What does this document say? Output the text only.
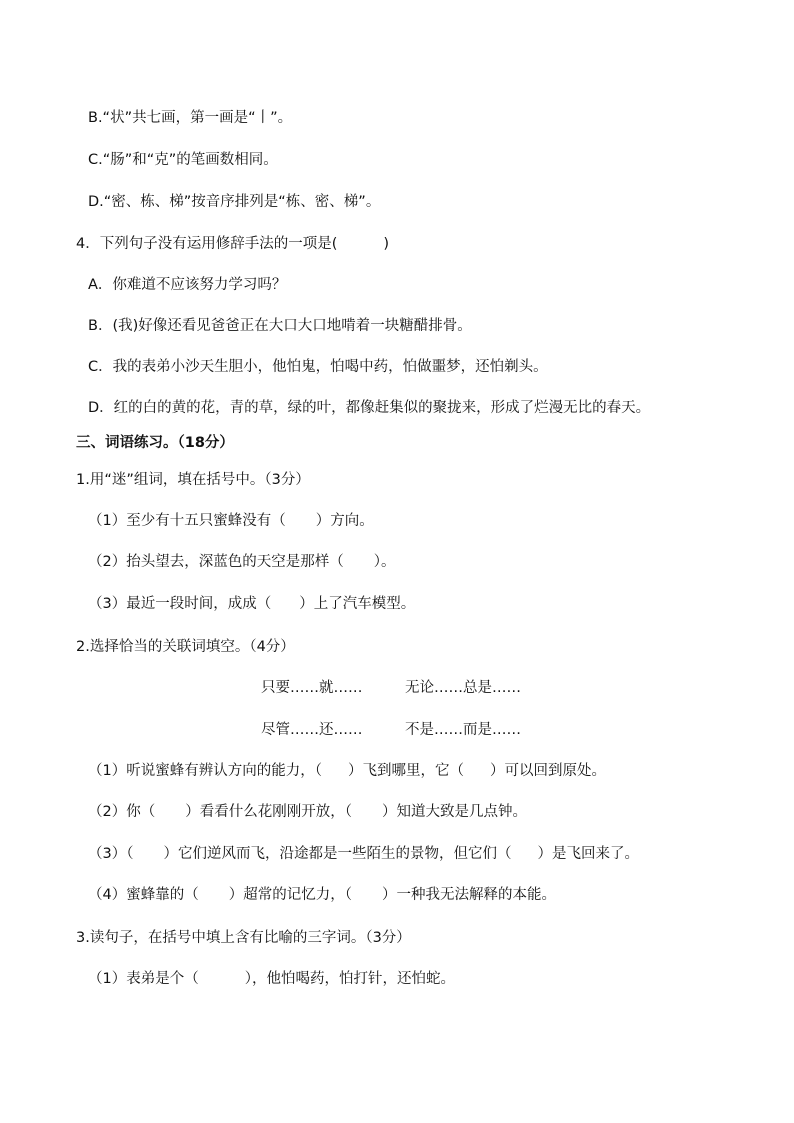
B.“状”共七画，第一画是“丨”。
C.“肠”和“克”的笔画数相同。
D.“密、栋、梯”按音序排列是“栋、密、梯”。
4．下列句子没有运用修辞手法的一项是(	)
A．你难道不应该努力学习吗？
B．(我)好像还看见爸爸正在大口大口地啃着一块糖醋排骨。
C．我的表弟小沙天生胆小，他怕鬼，怕喝中药，怕做噩梦，还怕剃头。
D．红的白的黄的花，青的草，绿的叶，都像赶集似的聚拢来，形成了烂漫无比的春天。
三、词语练习。（18分）
1.用“迷”组词，填在括号中。（3分）
（1）至少有十五只蜜蜂没有（ ）方向。
（2）抬头望去，深蓝色的天空是那样（ ）。
（3）最近一段时间，成成（ ）上了汽车模型。
2.选择恰当的关联词填空。（4分）
只要……就……	无论……总是……
尽管……还……	不是……而是……
（1）听说蜜蜂有辨认方向的能力，（ ）飞到哪里，它（ ）可以回到原处。
（2）你（ ）看看什么花刚刚开放，（ ）知道大致是几点钟。
（3）（ ）它们逆风而飞，沿途都是一些陌生的景物，但它们（ ）是飞回来了。
（4）蜜蜂靠的（ ）超常的记忆力，（ ）一种我无法解释的本能。
3.读句子，在括号中填上含有比喻的三字词。（3分）
（1）表弟是个（	），他怕喝药，怕打针，还怕蛇。
